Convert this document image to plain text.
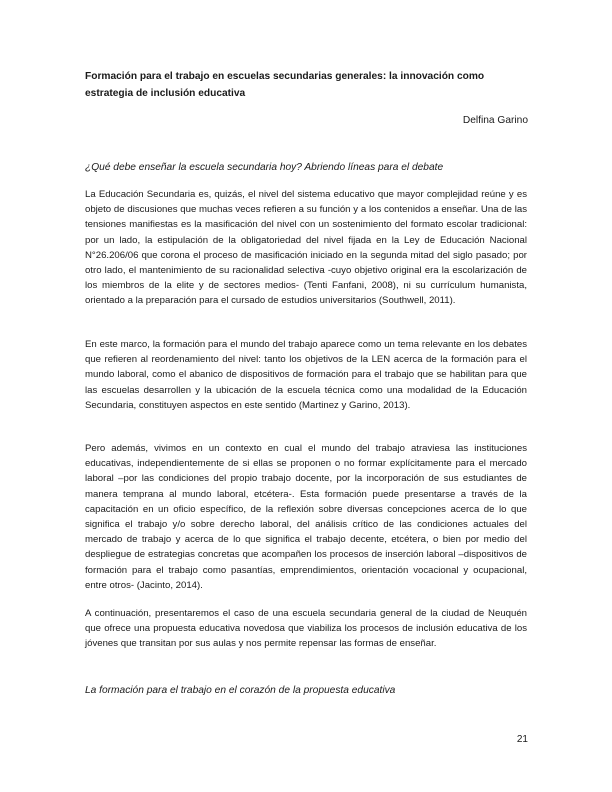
Formación para el trabajo en escuelas secundarias generales: la innovación como estrategia de inclusión educativa

Delfina Garino

¿Qué debe enseñar la escuela secundaria hoy? Abriendo líneas para el debate

La Educación Secundaria es, quizás, el nivel del sistema educativo que mayor complejidad reúne y es objeto de discusiones que muchas veces refieren a su función y a los contenidos a enseñar. Una de las tensiones manifiestas es la masificación del nivel con un sostenimiento del formato escolar tradicional: por un lado, la estipulación de la obligatoriedad del nivel fijada en la Ley de Educación Nacional N°26.206/06 que corona el proceso de masificación iniciado en la segunda mitad del siglo pasado; por otro lado, el mantenimiento de su racionalidad selectiva -cuyo objetivo original era la escolarización de los miembros de la elite y de sectores medios- (Tenti Fanfani, 2008), ni su currículum humanista, orientado a la preparación para el cursado de estudios universitarios (Southwell, 2011).

En este marco, la formación para el mundo del trabajo aparece como un tema relevante en los debates que refieren al reordenamiento del nivel: tanto los objetivos de la LEN acerca de la formación para el mundo laboral, como el abanico de dispositivos de formación para el trabajo que se habilitan para que las escuelas desarrollen y la ubicación de la escuela técnica como una modalidad de la Educación Secundaria, constituyen aspectos en este sentido (Martinez y Garino, 2013).

Pero además, vivimos en un contexto en cual el mundo del trabajo atraviesa las instituciones educativas, independientemente de si ellas se proponen o no formar explícitamente para el mercado laboral –por las condiciones del propio trabajo docente, por la incorporación de sus estudiantes de manera temprana al mundo laboral, etcétera-. Esta formación puede presentarse a través de la capacitación en un oficio específico, de la reflexión sobre diversas concepciones acerca de lo que significa el trabajo y/o sobre derecho laboral, del análisis crítico de las condiciones actuales del mercado de trabajo y acerca de lo que significa el trabajo decente, etcétera, o bien por medio del despliegue de estrategias concretas que acompañen los procesos de inserción laboral –dispositivos de formación para el trabajo como pasantías, emprendimientos, orientación vocacional y ocupacional, entre otros- (Jacinto, 2014).

A continuación, presentaremos el caso de una escuela secundaria general de la ciudad de Neuquén que ofrece una propuesta educativa novedosa que viabiliza los procesos de inclusión educativa de los jóvenes que transitan por sus aulas y nos permite repensar las formas de enseñar.

La formación para el trabajo en el corazón de la propuesta educativa

21
